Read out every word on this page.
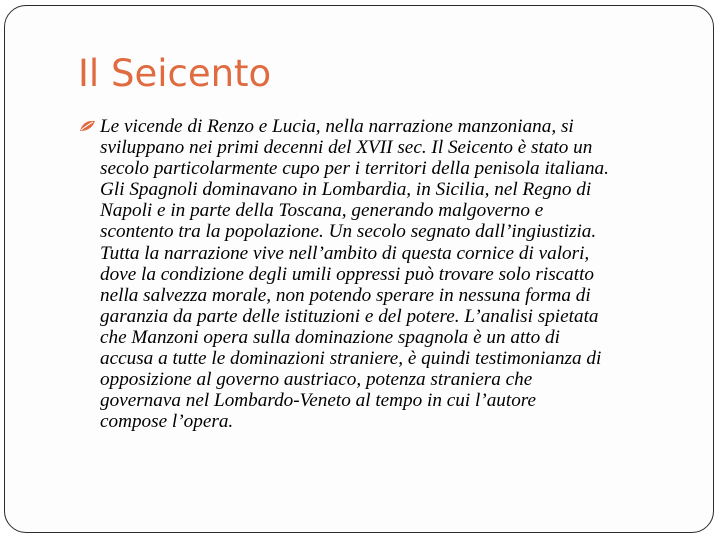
Il Seicento

Le vicende di Renzo e Lucia, nella narrazione manzoniana, si
sviluppano nei primi decenni del XVII sec. Il Seicento è stato un
secolo particolarmente cupo per i territori della penisola italiana.
Gli Spagnoli dominavano in Lombardia, in Sicilia, nel Regno di
Napoli e in parte della Toscana, generando malgoverno e
scontento tra la popolazione. Un secolo segnato dall’ingiustizia.
Tutta la narrazione vive nell’ambito di questa cornice di valori,
dove la condizione degli umili oppressi può trovare solo riscatto
nella salvezza morale, non potendo sperare in nessuna forma di
garanzia da parte delle istituzioni e del potere. L’analisi spietata
che Manzoni opera sulla dominazione spagnola è un atto di
accusa a tutte le dominazioni straniere, è quindi testimonianza di
opposizione al governo austriaco, potenza straniera che
governava nel Lombardo-Veneto al tempo in cui l’autore
compose l’opera.
